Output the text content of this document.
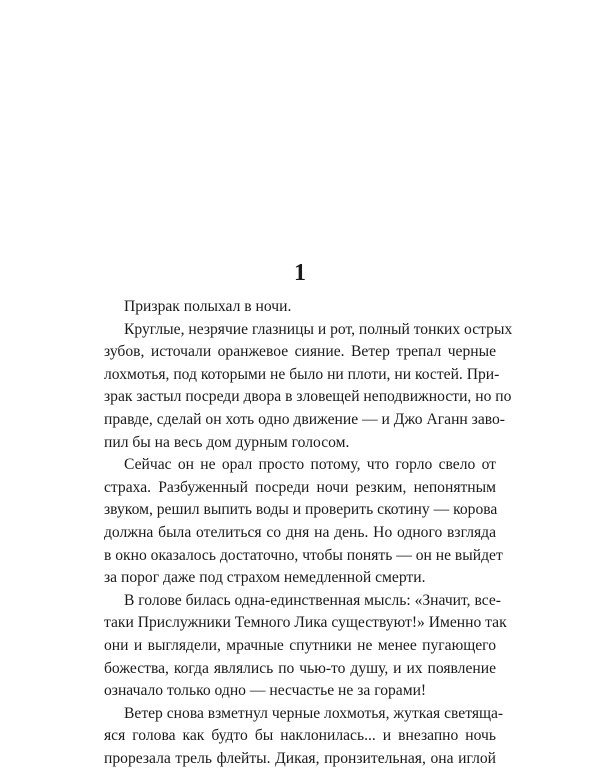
1
Призрак полыхал в ночи.
Круглые, незрячие глазницы и рот, полный тонких острых
зубов, источали оранжевое сияние. Ветер трепал черные
лохмотья, под которыми не было ни плоти, ни костей. При-
зрак застыл посреди двора в зловещей неподвижности, но по
правде, сделай он хоть одно движение — и Джо Аганн заво-
пил бы на весь дом дурным голосом.
Сейчас он не орал просто потому, что горло свело от
страха. Разбуженный посреди ночи резким, непонятным
звуком, решил выпить воды и проверить скотину — корова
должна была отелиться со дня на день. Но одного взгляда
в окно оказалось достаточно, чтобы понять — он не выйдет
за порог даже под страхом немедленной смерти.
В голове билась одна-единственная мысль: «Значит, все-
таки Прислужники Темного Лика существуют!» Именно так
они и выглядели, мрачные спутники не менее пугающего
божества, когда являлись по чью-то душу, и их появление
означало только одно — несчастье не за горами!
Ветер снова взметнул черные лохмотья, жуткая светяща-
яся голова как будто бы наклонилась... и внезапно ночь
прорезала трель флейты. Дикая, пронзительная, она иглой
